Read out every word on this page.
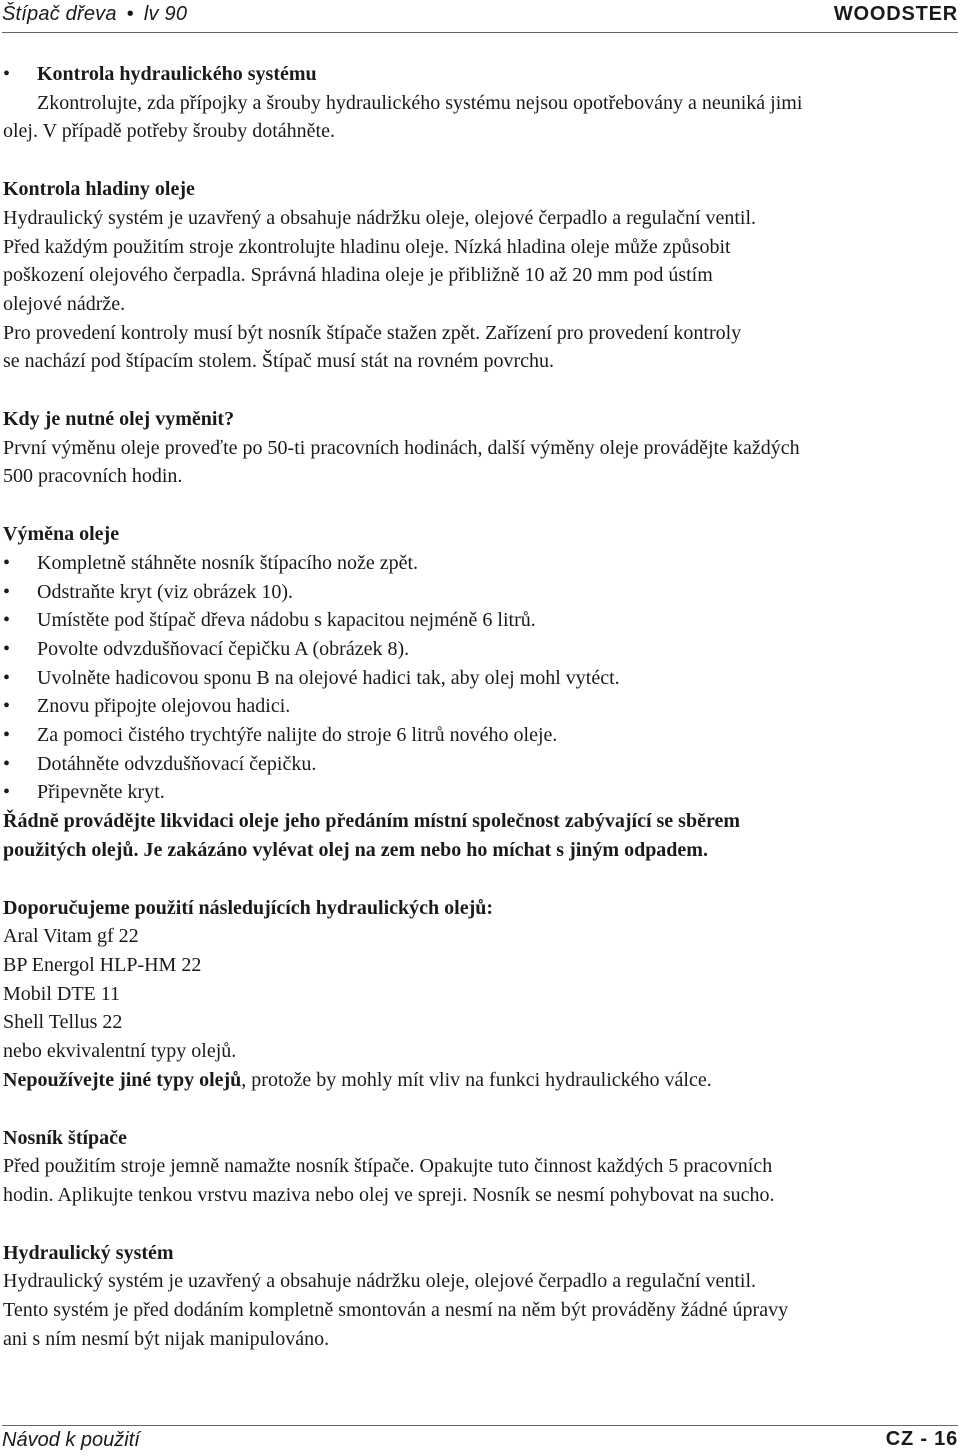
Štípač dřeva • lv 90	WOODSTER
•	Kontrola hydraulického systému

Zkontrolujte, zda přípojky a šrouby hydraulického systému nejsou opotřebovány a neuniká jimi

olej. V případě potřeby šrouby dotáhněte.

Kontrola hladiny oleje

Hydraulický systém je uzavřený a obsahuje nádržku oleje, olejové čerpadlo a regulační ventil.

Před každým použitím stroje zkontrolujte hladinu oleje. Nízká hladina oleje může způsobit

poškození olejového čerpadla. Správná hladina oleje je přibližně 10 až 20 mm pod ústím

olejové nádrže.

Pro provedení kontroly musí být nosník štípače stažen zpět. Zařízení pro provedení kontroly

se nachází pod štípacím stolem. Štípač musí stát na rovném povrchu.

Kdy je nutné olej vyměnit?

První výměnu oleje proveďte po 50-ti pracovních hodinách, další výměny oleje provádějte každých

500 pracovních hodin.

Výměna oleje

•	Kompletně stáhněte nosník štípacího nože zpět.
•	Odstraňte kryt (viz obrázek 10).
•	Umístěte pod štípač dřeva nádobu s kapacitou nejméně 6 litrů.
•	Povolte odvzdušňovací čepičku A (obrázek 8).
•	Uvolněte hadicovou sponu B na olejové hadici tak, aby olej mohl vytéct.
•	Znovu připojte olejovou hadici.
•	Za pomoci čistého trychtýře nalijte do stroje 6 litrů nového oleje.
•	Dotáhněte odvzdušňovací čepičku.
•	Připevněte kryt.

Řádně provádějte likvidaci oleje jeho předáním místní společnost zabývající se sběrem

použitých olejů. Je zakázáno vylévat olej na zem nebo ho míchat s jiným odpadem.

Doporučujeme použití následujících hydraulických olejů:

Aral Vitam gf 22

BP Energol HLP-HM 22

Mobil DTE 11

Shell Tellus 22

nebo ekvivalentní typy olejů.

Nepoužívejte jiné typy olejů, protože by mohly mít vliv na funkci hydraulického válce.

Nosník štípače

Před použitím stroje jemně namažte nosník štípače. Opakujte tuto činnost každých 5 pracovních

hodin. Aplikujte tenkou vrstvu maziva nebo olej ve spreji. Nosník se nesmí pohybovat na sucho.

Hydraulický systém

Hydraulický systém je uzavřený a obsahuje nádržku oleje, olejové čerpadlo a regulační ventil.

Tento systém je před dodáním kompletně smontován a nesmí na něm být prováděny žádné úpravy

ani s ním nesmí být nijak manipulováno.

Návod k použití	CZ - 16
